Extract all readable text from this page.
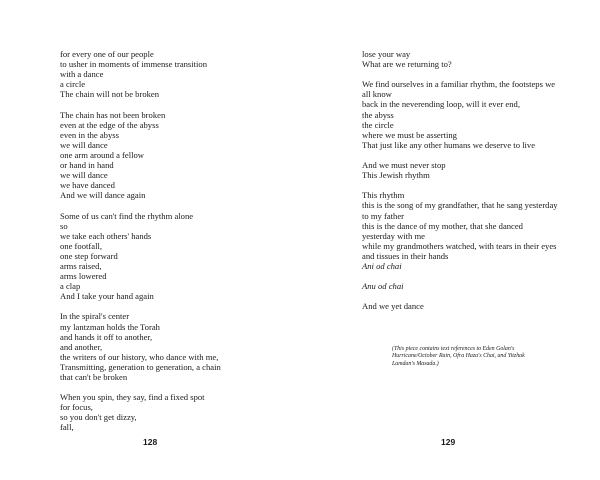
for every one of our people
to usher in moments of immense transition
with a dance
a circle
The chain will not be broken
The chain has not been broken
even at the edge of the abyss
even in the abyss
we will dance
one arm around a fellow
or hand in hand
we will dance
we have danced
And we will dance again
Some of us can't find the rhythm alone
so
we take each others' hands
one footfall,
one step forward
arms raised,
arms lowered
a clap
And I take your hand again
In the spiral's center
my lantzman holds the Torah
and hands it off to another,
and another,
the writers of our history, who dance with me,
Transmitting, generation to generation, a chain
that can't be broken
When you spin, they say, find a fixed spot
for focus,
so you don't get dizzy,
fall,
128
lose your way
What are we returning to?
We find ourselves in a familiar rhythm, the footsteps we all know
back in the neverending loop, will it ever end,
the abyss
the circle
where we must be asserting
That just like any other humans we deserve to live
And we must never stop
This Jewish rhythm
This rhythm
this is the song of my grandfather, that he sang yesterday to my father
this is the dance of my mother, that she danced yesterday with me
while my grandmothers watched, with tears in their eyes and tissues in their hands
Ani od chai
Anu od chai
And we yet dance
(This piece contains text references to Eden Golan's Hurricane/October Rain, Ofra Haza's Chai, and Yitzhak Lamdan's Masada.)
129
